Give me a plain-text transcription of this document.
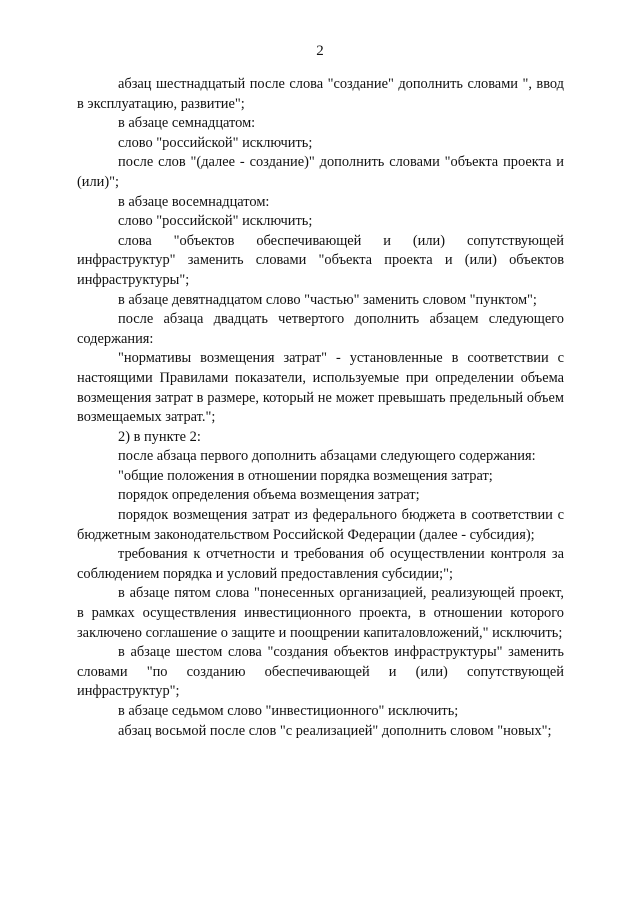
2

абзац шестнадцатый после слова "создание" дополнить словами ", ввод в эксплуатацию, развитие";

в абзаце семнадцатом:

слово "российской" исключить;

после слов "(далее - создание)" дополнить словами "объекта проекта и (или)";

в абзаце восемнадцатом:

слово "российской" исключить;

слова "объектов обеспечивающей и (или) сопутствующей инфраструктур" заменить словами "объекта проекта и (или) объектов инфраструктуры";

в абзаце девятнадцатом слово "частью" заменить словом "пунктом";

после абзаца двадцать четвертого дополнить абзацем следующего содержания:

"нормативы возмещения затрат" - установленные в соответствии с настоящими Правилами показатели, используемые при определении объема возмещения затрат в размере, который не может превышать предельный объем возмещаемых затрат.";

2) в пункте 2:

после абзаца первого дополнить абзацами следующего содержания:

"общие положения в отношении порядка возмещения затрат;

порядок определения объема возмещения затрат;

порядок возмещения затрат из федерального бюджета в соответствии с бюджетным законодательством Российской Федерации (далее - субсидия);

требования к отчетности и требования об осуществлении контроля за соблюдением порядка и условий предоставления субсидии;";

в абзаце пятом слова "понесенных организацией, реализующей проект, в рамках осуществления инвестиционного проекта, в отношении которого заключено соглашение о защите и поощрении капиталовложений," исключить;

в абзаце шестом слова "создания объектов инфраструктуры" заменить словами "по созданию обеспечивающей и (или) сопутствующей инфраструктур";

в абзаце седьмом слово "инвестиционного" исключить;

абзац восьмой после слов "с реализацией" дополнить словом "новых";
